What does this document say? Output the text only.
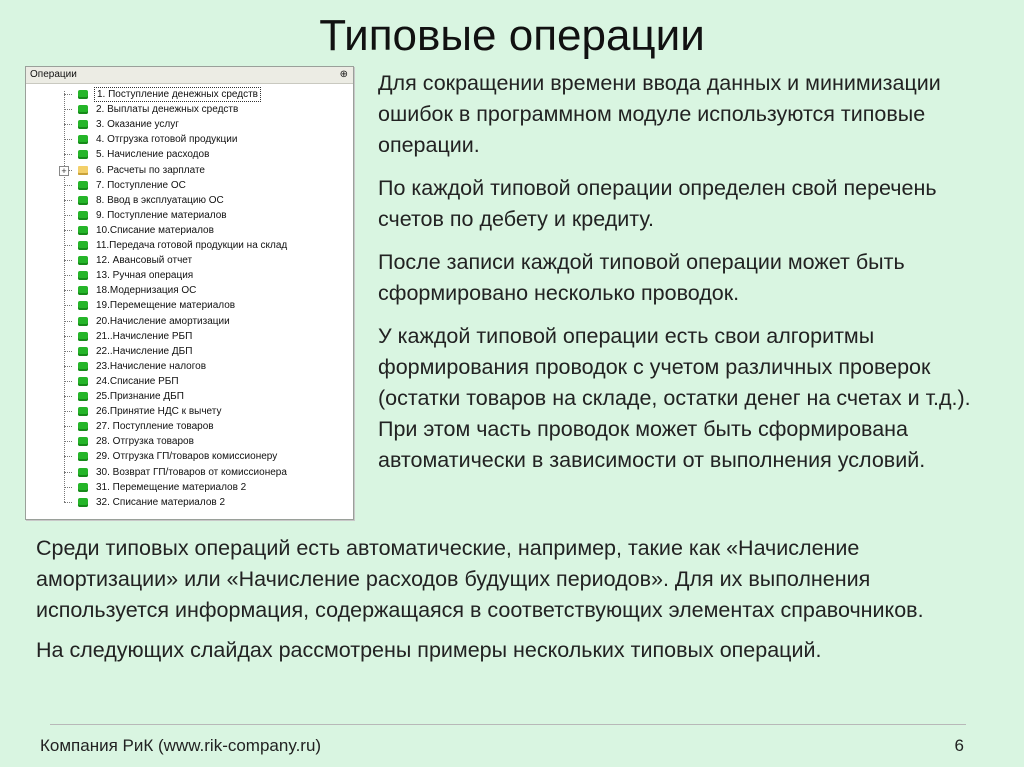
Типовые операции
Операции	⊕
1. Поступление денежных средств
2. Выплаты денежных средств
3. Оказание услуг
4. Отгрузка готовой продукции
5. Начисление расходов
+	6. Расчеты по зарплате
7. Поступление ОС
8. Ввод в эксплуатацию ОС
9. Поступление материалов
10.Списание материалов
11.Передача готовой продукции на склад
12. Авансовый отчет
13. Ручная операция
18.Модернизация ОС
19.Перемещение материалов
20.Начисление амортизации
21..Начисление РБП
22..Начисление ДБП
23.Начисление налогов
24.Списание РБП
25.Признание ДБП
26.Принятие НДС к вычету
27. Поступление товаров
28. Отгрузка товаров
29. Отгрузка ГП/товаров комиссионеру
30. Возврат ГП/товаров от комиссионера
31. Перемещение материалов 2
32. Списание материалов 2

Для сокращении времени ввода данных и минимизации ошибок в программном модуле используются типовые операции.

По каждой типовой операции определен свой перечень счетов по дебету и кредиту.

После записи каждой типовой операции может быть сформировано несколько проводок.

У каждой типовой операции есть свои алгоритмы формирования проводок с учетом различных проверок (остатки товаров на складе, остатки денег на счетах и т.д.). При этом часть проводок может быть сформирована автоматически в зависимости от выполнения условий.

Среди типовых операций есть автоматические, например, такие как «Начисление амортизации» или «Начисление расходов будущих периодов». Для их выполнения используется информация, содержащаяся в соответствующих элементах справочников.

На следующих слайдах рассмотрены примеры нескольких типовых операций.

Компания РиК (www.rik-company.ru)	6
